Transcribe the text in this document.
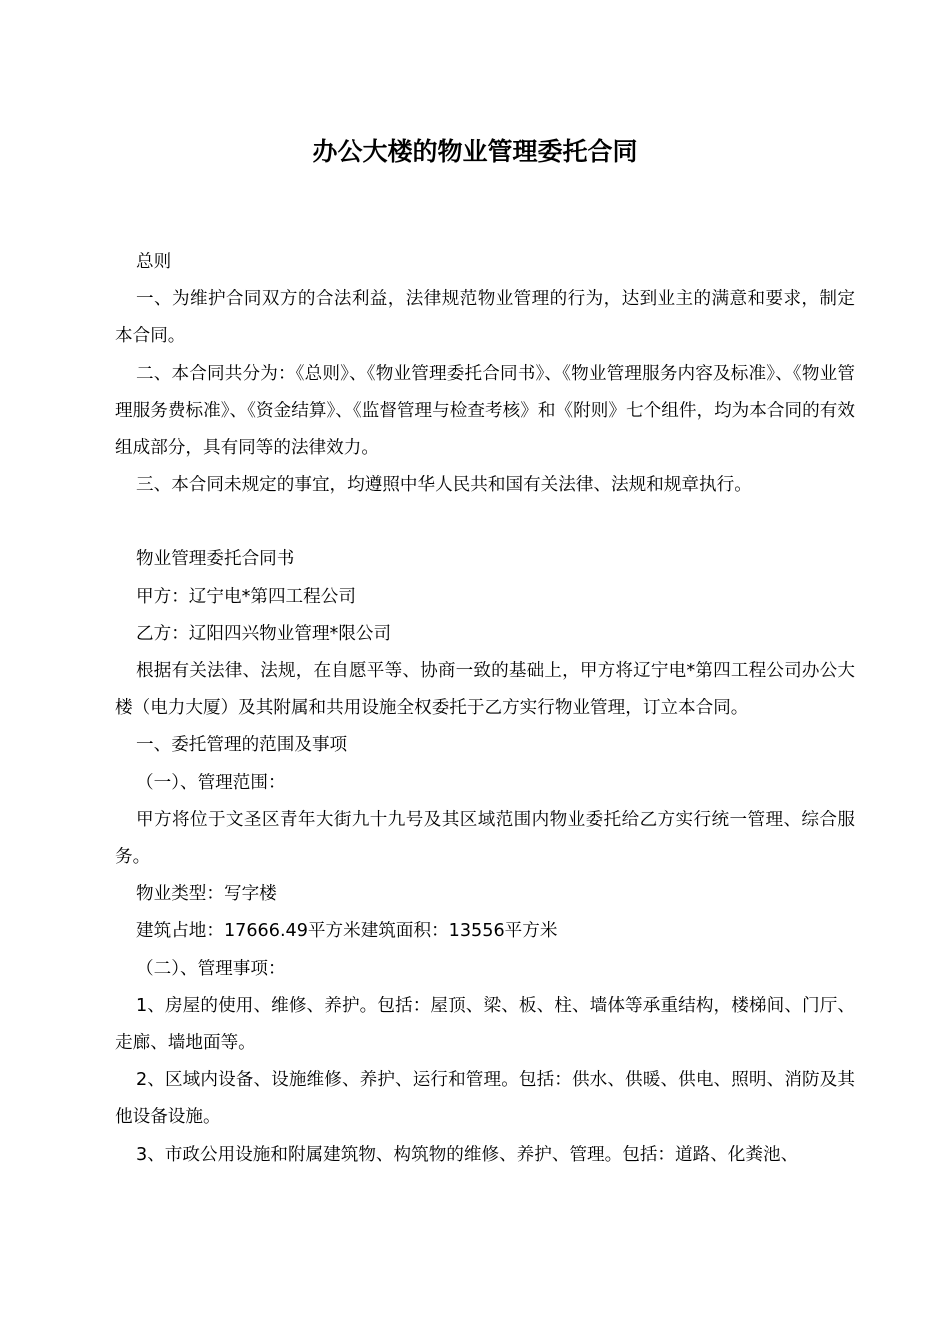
办公大楼的物业管理委托合同

总则

一、为维护合同双方的合法利益，法律规范物业管理的行为，达到业主的满意和要求，制定本合同。

二、本合同共分为：《总则》、《物业管理委托合同书》、《物业管理服务内容及标准》、《物业管理服务费标准》、《资金结算》、《监督管理与检查考核》和《附则》七个组件，均为本合同的有效组成部分，具有同等的法律效力。

三、本合同未规定的事宜，均遵照中华人民共和国有关法律、法规和规章执行。

物业管理委托合同书

甲方：辽宁电*第四工程公司

乙方：辽阳四兴物业管理*限公司

根据有关法律、法规，在自愿平等、协商一致的基础上，甲方将辽宁电*第四工程公司办公大楼（电力大厦）及其附属和共用设施全权委托于乙方实行物业管理，订立本合同。

一、委托管理的范围及事项

（一）、管理范围：

甲方将位于文圣区青年大街九十九号及其区域范围内物业委托给乙方实行统一管理、综合服务。

物业类型：写字楼

建筑占地：17666.49平方米建筑面积：13556平方米

（二）、管理事项：

1、房屋的使用、维修、养护。包括：屋顶、梁、板、柱、墙体等承重结构，楼梯间、门厅、走廊、墙地面等。

2、区域内设备、设施维修、养护、运行和管理。包括：供水、供暖、供电、照明、消防及其他设备设施。

3、市政公用设施和附属建筑物、构筑物的维修、养护、管理。包括：道路、化粪池、
